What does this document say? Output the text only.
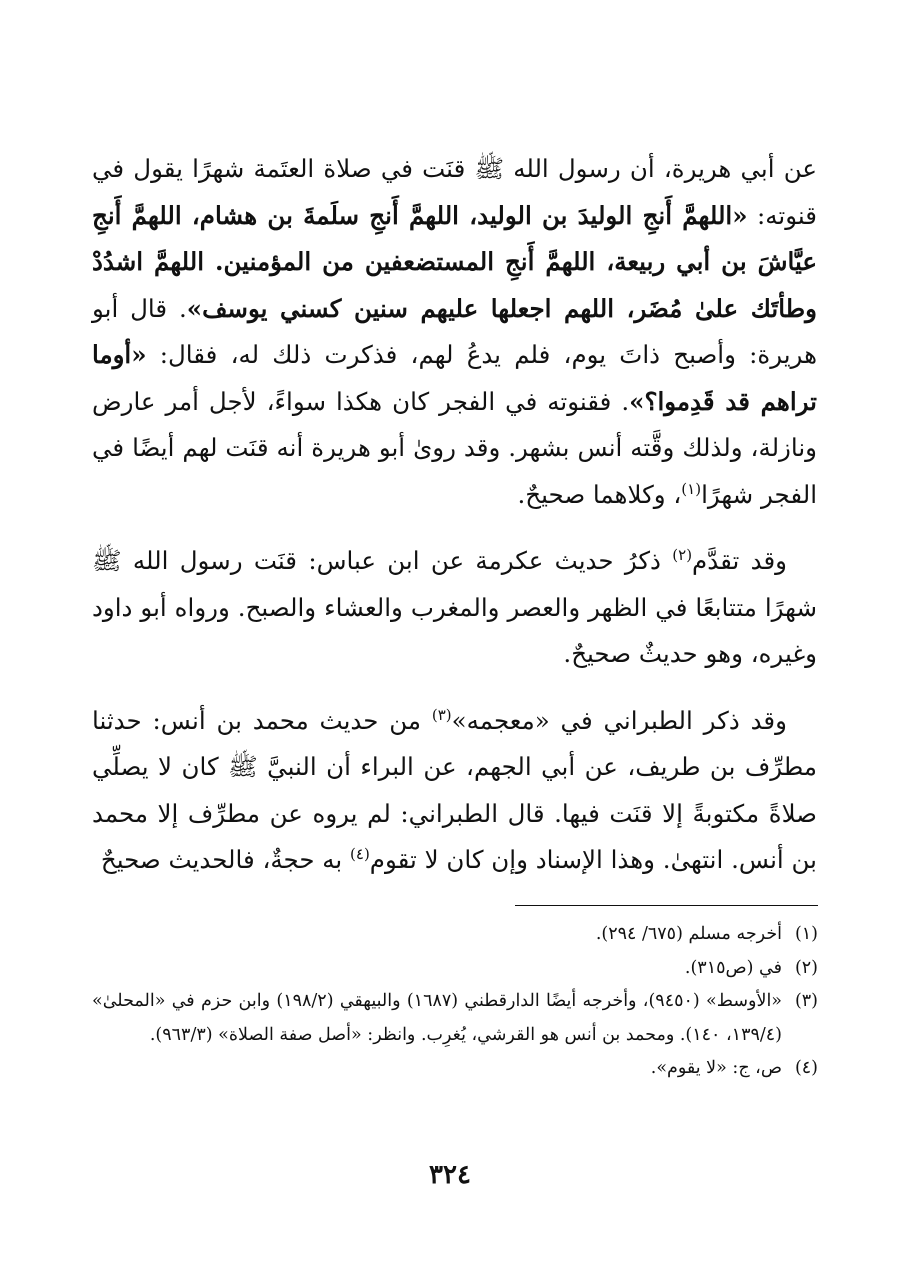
عن أبي هريرة، أن رسول الله ﷺ قنَت في صلاة العتَمة شهرًا يقول في قنوته: «اللهمَّ أَنجِ الوليدَ بن الوليد، اللهمَّ أَنجِ سلَمةَ بن هشام، اللهمَّ أَنجِ عيَّاشَ بن أبي ربيعة، اللهمَّ أَنجِ المستضعفين من المؤمنين. اللهمَّ اشدُدْ وطأتَك علىٰ مُضَر، اللهم اجعلها عليهم سنين كسني يوسف». قال أبو هريرة: وأصبح ذاتَ يوم، فلم يدعُ لهم، فذكرت ذلك له، فقال: «أوما تراهم قد قَدِموا؟». فقنوته في الفجر كان هكذا سواءً، لأجل أمر عارض ونازلة، ولذلك وقَّته أنس بشهر. وقد روىٰ أبو هريرة أنه قنَت لهم أيضًا في الفجر شهرًا$^{(١)}$، وكلاهما صحيحٌ.

وقد تقدَّم$^{(٢)}$ ذكرُ حديث عكرمة عن ابن عباس: قنَت رسول الله ﷺ شهرًا متتابعًا في الظهر والعصر والمغرب والعشاء والصبح. ورواه أبو داود وغيره، وهو حديثٌ صحيحٌ.

وقد ذكر الطبراني في «معجمه»$^{(٣)}$ من حديث محمد بن أنس: حدثنا مطرِّف بن طريف، عن أبي الجهم، عن البراء أن النبيَّ ﷺ كان لا يصلِّي صلاةً مكتوبةً إلا قنَت فيها. قال الطبراني: لم يروه عن مطرِّف إلا محمد بن أنس. انتهىٰ. وهذا الإسناد وإن كان لا تقوم$^{(٤)}$ به حجةٌ، فالحديث صحيحٌ

(١)
أخرجه مسلم (٦٧٥/ ٢٩٤).
(٢)
في (ص٣١٥).
(٣)
«الأوسط» (٩٤٥٠)، وأخرجه أيضًا الدارقطني (١٦٨٧) والبيهقي (١٩٨/٢) وابن حزم في «المحلىٰ» (١٣٩/٤، ١٤٠). ومحمد بن أنس هو القرشي، يُغرِب. وانظر: «أصل صفة الصلاة» (٩٦٣/٣).
(٤)
ص، ج: «لا يقوم».
٣٢٤
